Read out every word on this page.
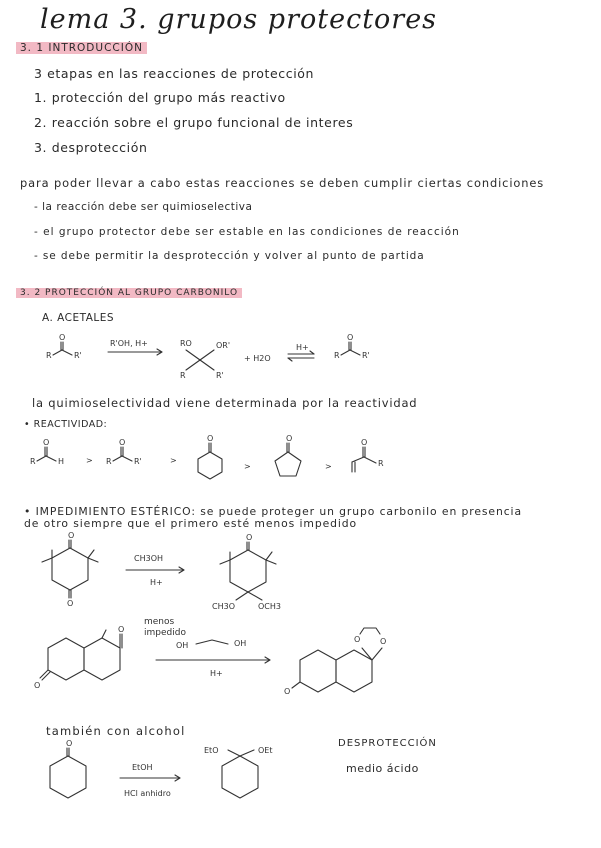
lema 3. grupos protectores
3. 1 INTRODUCCIÓN
3 etapas en las reacciones de protección
1. protección del grupo más reactivo
2. reacción sobre el grupo funcional de interes
3. desprotección
para poder llevar a cabo estas reacciones se deben cumplir ciertas condiciones
- la reacción debe ser quimioselectiva
- el grupo protector debe ser estable en las condiciones de reacción
- se debe permitir la desprotección y volver al punto de partida
3. 2 PROTECCIÓN AL GRUPO CARBONILO
A. ACETALES
R
O
R'
R'OH, H+	RO	OR'
R	R'
+ H2O
H+
R
O
R'
la quimioselectividad viene determinada por la reactividad
• REACTIVIDAD:
R
O
H	> R
O
R'	>
O
>
O
>
O
R
• IMPEDIMIENTO ESTÉRICO: se puede proteger un grupo carbonilo en presencia
de otro siempre que el primero esté menos impedido
O
O
CH3OH
H+
O
CH3O	OCH3
O
O
menos
impedido
OH	OH
H+
O
O O
también con alcohol
O
EtOH
HCl anhidro
EtO	OEt
DESPROTECCIÓN
medio ácido
